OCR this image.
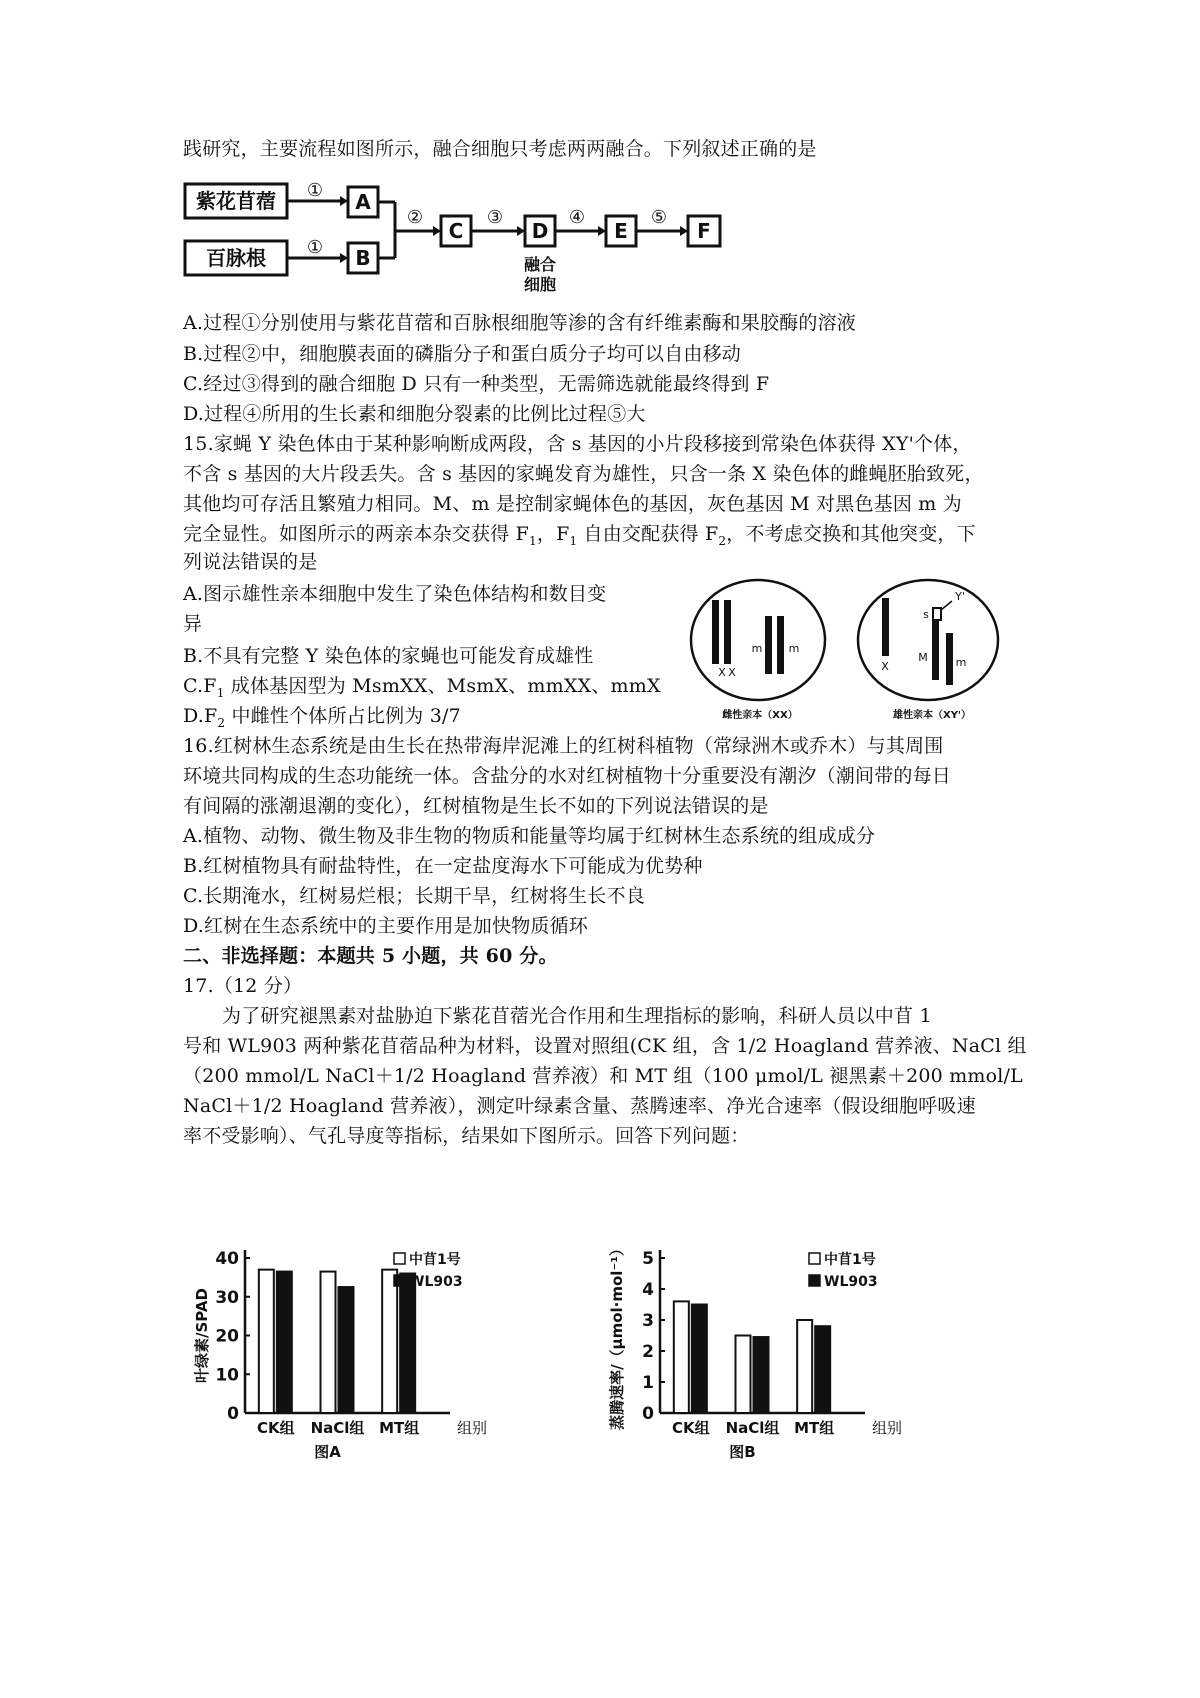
践研究，主要流程如图所示，融合细胞只考虑两两融合。下列叙述正确的是
紫花苜蓿
百脉根
A
B
C	D	E	F
①
①
②	③	④	⑤
融合
细胞
A.过程①分别使用与紫花苜蓿和百脉根细胞等渗的含有纤维素酶和果胶酶的溶液
B.过程②中，细胞膜表面的磷脂分子和蛋白质分子均可以自由移动
C.经过③得到的融合细胞 D 只有一种类型，无需筛选就能最终得到 F
D.过程④所用的生长素和细胞分裂素的比例比过程⑤大
15.家蝇 Y 染色体由于某种影响断成两段，含 s 基因的小片段移接到常染色体获得 XY'个体，
不含 s 基因的大片段丢失。含 s 基因的家蝇发育为雄性，只含一条 X 染色体的雌蝇胚胎致死，
其他均可存活且繁殖力相同。M、m 是控制家蝇体色的基因，灰色基因 M 对黑色基因 m 为
完全显性。如图所示的两亲本杂交获得 $F_1$，$F_1$ 自由交配获得 $F_2$，不考虑交换和其他突变，下
列说法错误的是
A.图示雄性亲本细胞中发生了染色体结构和数目变
异
B.不具有完整 Y 染色体的家蝇也可能发育成雄性
$C.F_1$ 成体基因型为 MsmXX、MsmX、mmXX、mmX
$D.F_2$ 中雌性个体所占比例为 3/7
X X
m m
X
M	m
s
Y'
雌性亲本（XX）	雄性亲本（XY'）
16.红树林生态系统是由生长在热带海岸泥滩上的红树科植物（常绿洲木或乔木）与其周围
环境共同构成的生态功能统一体。含盐分的水对红树植物十分重要没有潮汐（潮间带的每日
有间隔的涨潮退潮的变化），红树植物是生长不如的下列说法错误的是
A.植物、动物、微生物及非生物的物质和能量等均属于红树林生态系统的组成成分
B.红树植物具有耐盐特性，在一定盐度海水下可能成为优势种
C.长期淹水，红树易烂根；长期干旱，红树将生长不良
D.红树在生态系统中的主要作用是加快物质循环
二、非选择题：本题共 5 小题，共 60 分。
17.（12 分）
为了研究褪黑素对盐胁迫下紫花苜蓿光合作用和生理指标的影响，科研人员以中苜 1
号和 WL903 两种紫花苜蓿品种为材料，设置对照组(CK 组，含 1/2 Hoagland 营养液、NaCl 组
（200 mmol/L NaCl＋1/2 Hoagland 营养液）和 MT 组（100 μmol/L 褪黑素＋200 mmol/L
NaCl＋1/2 Hoagland 营养液），测定叶绿素含量、蒸腾速率、净光合速率（假设细胞呼吸速
率不受影响）、气孔导度等指标，结果如下图所示。回答下列问题：
0
10
20
30
40
CK组 NaCl组 MT组	组别
叶绿素/SPAD
中苜1号
WL903
图A
0
1
2
3
4
5
CK组 NaCl组 MT组	组别
蒸腾速率/（μmol·mol⁻¹）	中苜1号
WL903
图B
